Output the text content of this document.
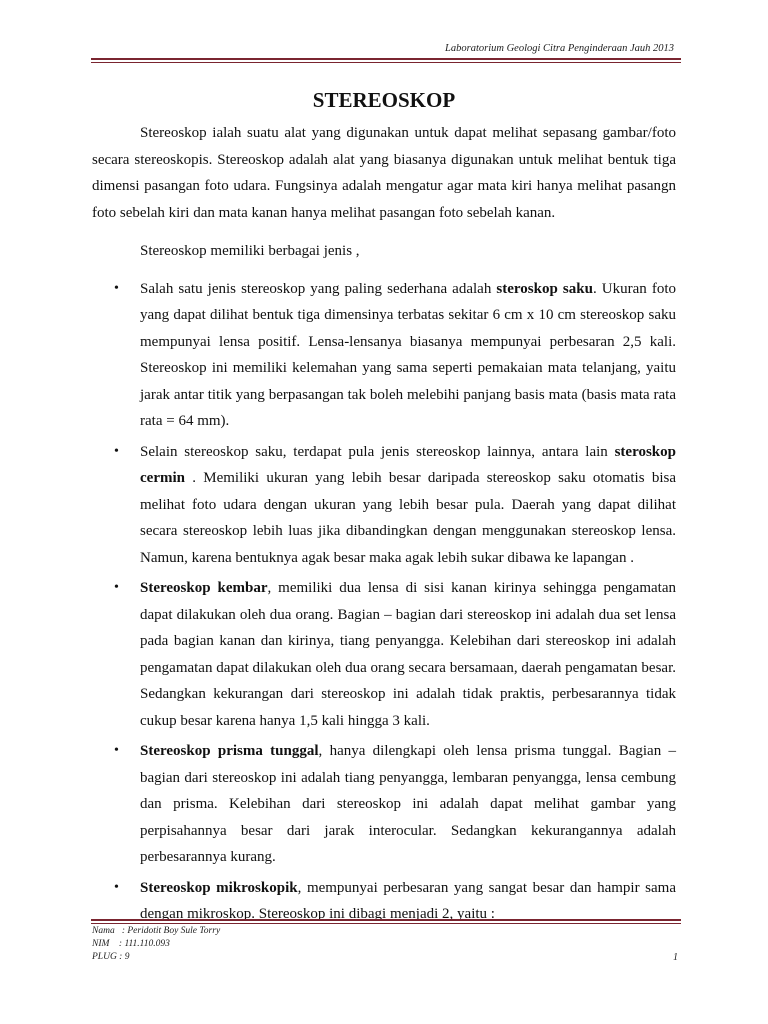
Laboratorium Geologi Citra Penginderaan Jauh 2013
STEREOSKOP

Stereoskop ialah suatu alat yang digunakan untuk dapat melihat sepasang gambar/foto secara stereoskopis. Stereoskop adalah alat yang biasanya digunakan untuk melihat bentuk tiga dimensi pasangan foto udara. Fungsinya adalah mengatur agar mata kiri hanya melihat pasangn foto sebelah kiri dan mata kanan hanya melihat pasangan foto sebelah kanan.

Stereoskop memiliki berbagai jenis ,

• Salah satu jenis stereoskop yang paling sederhana adalah steroskop saku. Ukuran foto yang dapat dilihat bentuk tiga dimensinya terbatas sekitar 6 cm x 10 cm stereoskop saku mempunyai lensa positif. Lensa-lensanya biasanya mempunyai perbesaran 2,5 kali. Stereoskop ini memiliki kelemahan yang sama seperti pemakaian mata telanjang, yaitu jarak antar titik yang berpasangan tak boleh melebihi panjang basis mata (basis mata rata rata = 64 mm).
• Selain stereoskop saku, terdapat pula jenis stereoskop lainnya, antara lain steroskop cermin . Memiliki ukuran yang lebih besar daripada stereoskop saku otomatis bisa melihat foto udara dengan ukuran yang lebih besar pula. Daerah yang dapat dilihat secara stereoskop lebih luas jika dibandingkan dengan menggunakan stereoskop lensa. Namun, karena bentuknya agak besar maka agak lebih sukar dibawa ke lapangan .
• Stereoskop kembar, memiliki dua lensa di sisi kanan kirinya sehingga pengamatan dapat dilakukan oleh dua orang. Bagian – bagian dari stereoskop ini adalah dua set lensa pada bagian kanan dan kirinya, tiang penyangga. Kelebihan dari stereoskop ini adalah pengamatan dapat dilakukan oleh dua orang secara bersamaan, daerah pengamatan besar. Sedangkan kekurangan dari stereoskop ini adalah tidak praktis, perbesarannya tidak cukup besar karena hanya 1,5 kali hingga 3 kali.
• Stereoskop prisma tunggal, hanya dilengkapi oleh lensa prisma tunggal. Bagian – bagian dari stereoskop ini adalah tiang penyangga, lembaran penyangga, lensa cembung dan prisma. Kelebihan dari stereoskop ini adalah dapat melihat gambar yang perpisahannya besar dari jarak interocular. Sedangkan kekurangannya adalah perbesarannya kurang.
• Stereoskop mikroskopik, mempunyai perbesaran yang sangat besar dan hampir sama dengan mikroskop. Stereoskop ini dibagi menjadi 2, yaitu :
Nama   : Peridotit Boy Sule Torry
NIM    : 111.110.093
PLUG : 9	1
